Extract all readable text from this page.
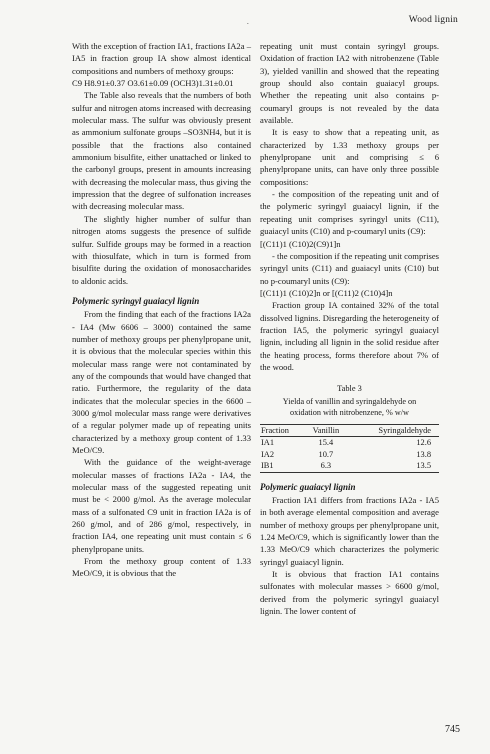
.	Wood lignin

With the exception of fraction IA1, fractions IA2a – IA5 in fraction group IA show almost identical compositions and numbers of methoxy groups:

C9 H8.91±0.37 O3.61±0.09 (OCH3)1.31±0.01

The Table also reveals that the numbers of both sulfur and nitrogen atoms increased with decreasing molecular mass. The sulfur was obviously present as ammonium sulfonate groups –SO3NH4, but it is possible that the fractions also contained ammonium bisulfite, either unattached or linked to the carbonyl groups, present in amounts increasing with decreasing the molecular mass, thus giving the impression that the degree of sulfonation increases with decreasing molecular mass.

The slightly higher number of sulfur than nitrogen atoms suggests the presence of sulfide sulfur. Sulfide groups may be formed in a reaction with thiosulfate, which in turn is formed from bisulfite during the oxidation of monosaccharides to aldonic acids.

Polymeric syringyl guaiacyl lignin

From the finding that each of the fractions IA2a - IA4 (Mw 6606 – 3000) contained the same number of methoxy groups per phenylpropane unit, it is obvious that the molecular species within this molecular mass range were not contaminated by any of the compounds that would have changed that ratio. Furthermore, the regularity of the data indicates that the molecular species in the 6600 – 3000 g/mol molecular mass range were derivatives of a regular polymer made up of repeating units characterized by a methoxy group content of 1.33 MeO/C9.

With the guidance of the weight-average molecular masses of fractions IA2a - IA4, the molecular mass of the suggested repeating unit must be < 2000 g/mol. As the average molecular mass of a sulfonated C9 unit in fraction IA2a is of 260 g/mol, and of 286 g/mol, respectively, in fraction IA4, one repeating unit must contain ≤ 6 phenylpropane units.

From the methoxy group content of 1.33 MeO/C9, it is obvious that the

repeating unit must contain syringyl groups. Oxidation of fraction IA2 with nitrobenzene (Table 3), yielded vanillin and showed that the repeating group should also contain guaiacyl groups. Whether the repeating unit also contains p-coumaryl groups is not revealed by the data available.

It is easy to show that a repeating unit, as characterized by 1.33 methoxy groups per phenylpropane unit and comprising ≤ 6 phenylpropane units, can have only three possible compositions:

- the composition of the repeating unit and of the polymeric syringyl guaiacyl lignin, if the repeating unit comprises syringyl units (C11), guaiacyl units (C10) and p-coumaryl units (C9):

[(C11)1 (C10)2(C9)1]n

- the composition if the repeating unit comprises syringyl units (C11) and guaiacyl units (C10) but no p-coumaryl units (C9):

[(C11)1 (C10)2]n or [(C11)2 (C10)4]n

Fraction group IA contained 32% of the total dissolved lignins. Disregarding the heterogeneity of fraction IA5, the polymeric syringyl guaiacyl lignin, including all lignin in the solid residue after the heating process, forms therefore about 7% of the wood.

Table 3
Yielda of vanillin and syringaldehyde on
oxidation with nitrobenzene, % w/w
Fraction	Vanillin	Syringaldehyde
IA1	15.4	12.6
IA2	10.7	13.8
IB1	6.3	13.5
Polymeric guaiacyl lignin

Fraction IA1 differs from fractions IA2a - IA5 in both average elemental composition and average number of methoxy groups per phenylpropane unit, 1.24 MeO/C9, which is significantly lower than the 1.33 MeO/C9 which characterizes the polymeric syringyl guaiacyl lignin.

It is obvious that fraction IA1 contains sulfonates with molecular masses > 6600 g/mol, derived from the polymeric syringyl guaiacyl lignin. The lower content of

745
